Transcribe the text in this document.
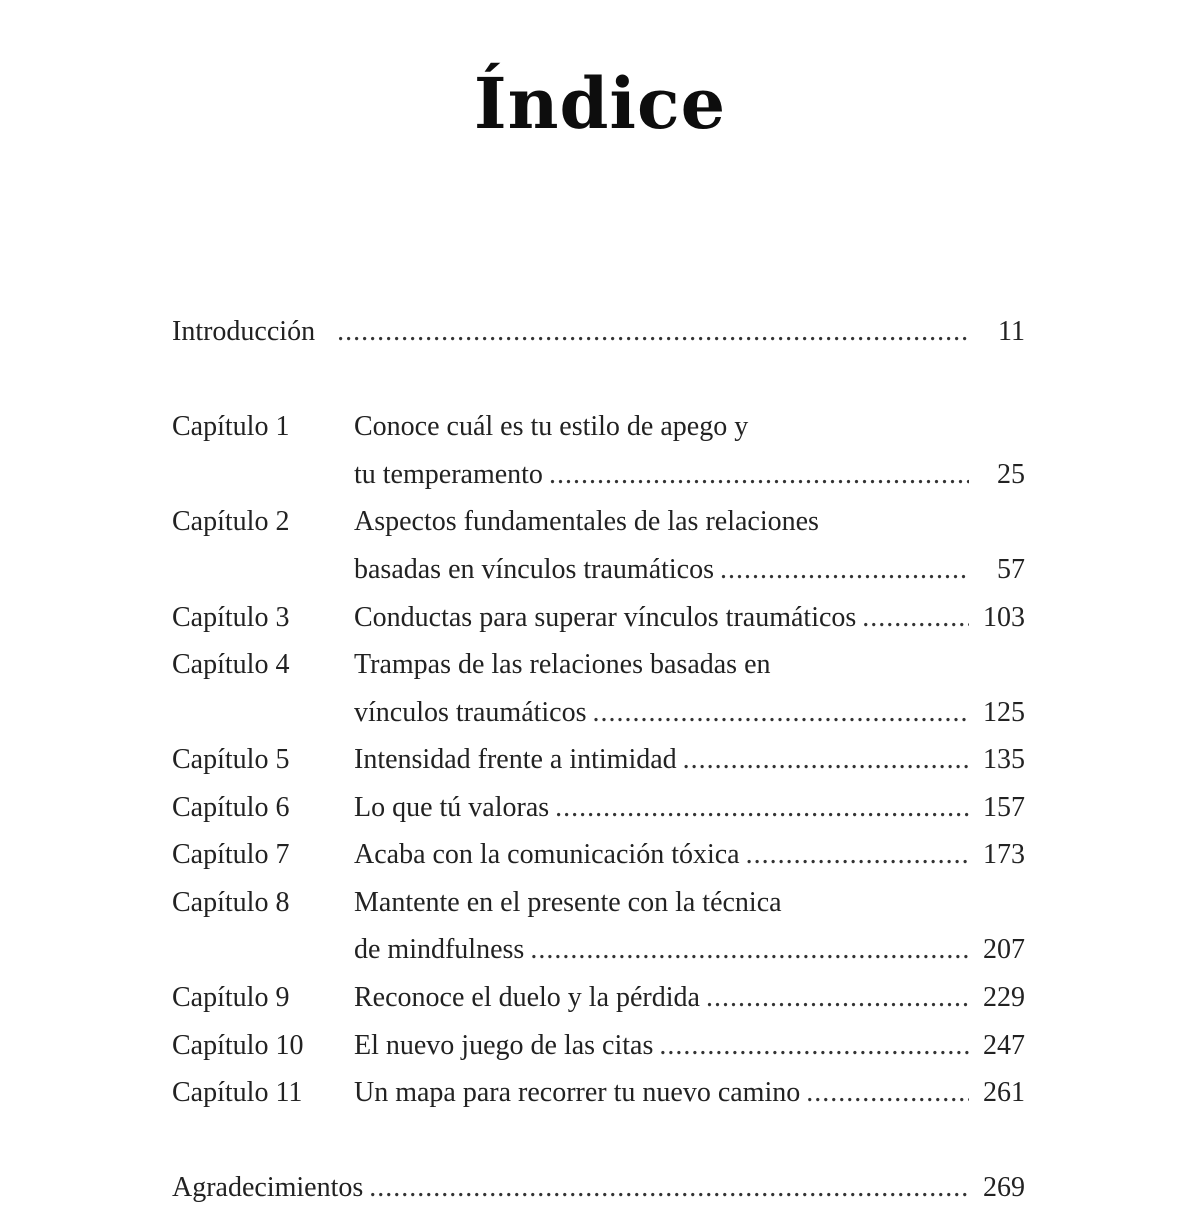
Índice
Introducción .....	11
Capítulo 1 Conoce cuál es tu estilo de apego y
tu temperamento .....	25
Capítulo 2 Aspectos fundamentales de las relaciones
basadas en vínculos traumáticos .....	57
Capítulo 3 Conductas para superar vínculos traumáticos .....	103
Capítulo 4 Trampas de las relaciones basadas en
vínculos traumáticos .....	125
Capítulo 5 Intensidad frente a intimidad .....	135
Capítulo 6 Lo que tú valoras .....	157
Capítulo 7 Acaba con la comunicación tóxica .....	173
Capítulo 8 Mantente en el presente con la técnica
de mindfulness .....	207
Capítulo 9 Reconoce el duelo y la pérdida .....	229
Capítulo 10 El nuevo juego de las citas .....	247
Capítulo 11 Un mapa para recorrer tu nuevo camino .....	261
Agradecimientos .....	269
